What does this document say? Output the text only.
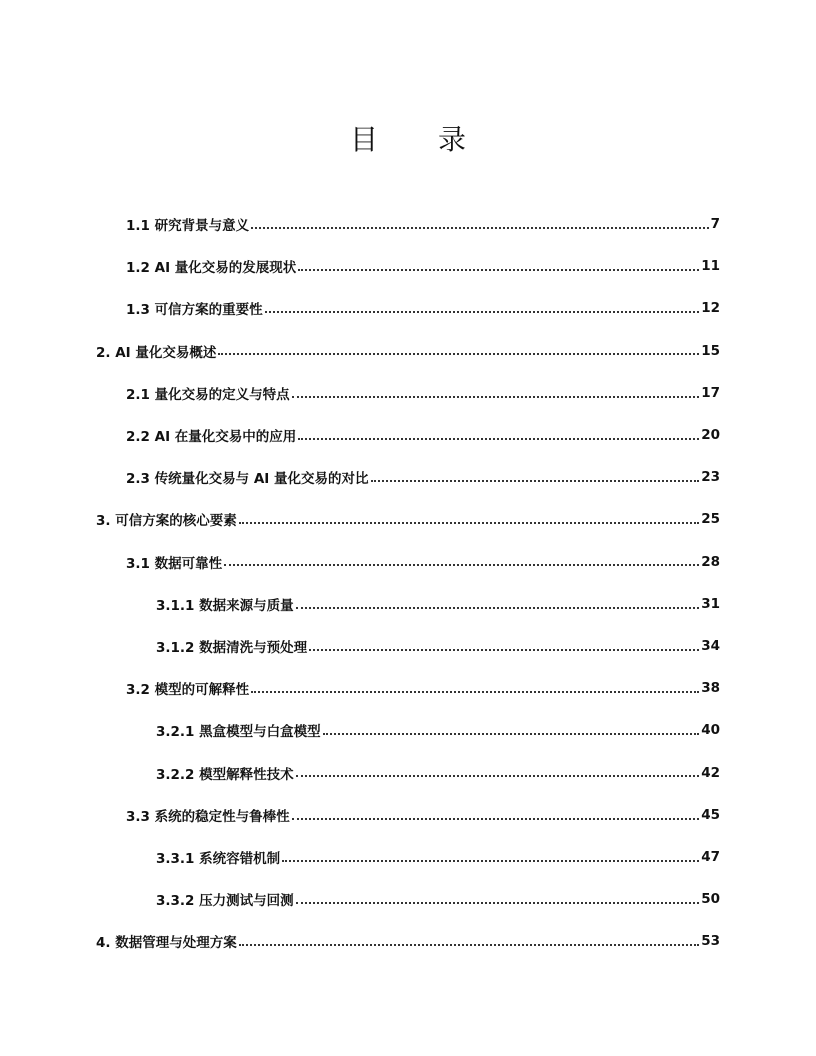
目 录
1.1 研究背景与意义	7
1.2 AI 量化交易的发展现状	11
1.3 可信方案的重要性	12
2. AI 量化交易概述	15
2.1 量化交易的定义与特点	17
2.2 AI 在量化交易中的应用	20
2.3 传统量化交易与 AI 量化交易的对比	23
3. 可信方案的核心要素	25
3.1 数据可靠性	28
3.1.1 数据来源与质量	31
3.1.2 数据清洗与预处理	34
3.2 模型的可解释性	38
3.2.1 黑盒模型与白盒模型	40
3.2.2 模型解释性技术	42
3.3 系统的稳定性与鲁棒性	45
3.3.1 系统容错机制	47
3.3.2 压力测试与回测	50
4. 数据管理与处理方案	53
